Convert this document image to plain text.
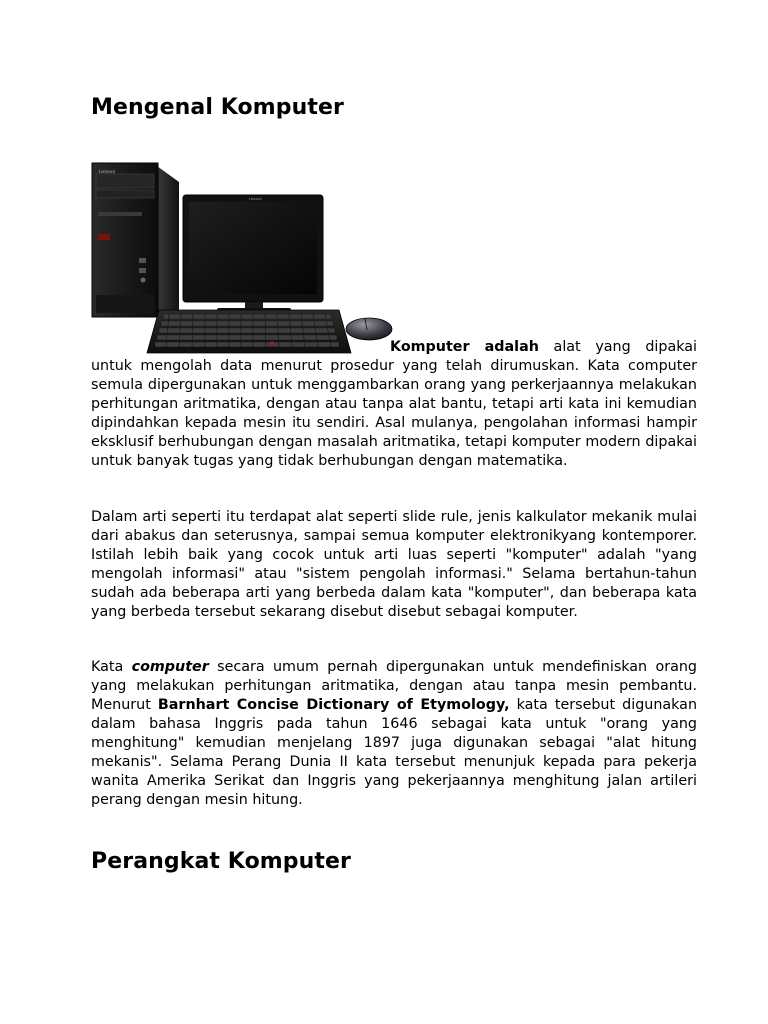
Mengenal Komputer
Lenovo
Lenovo

Komputer adalah alat yang dipakai untuk mengolah data menurut prosedur yang telah dirumuskan. Kata computer semula dipergunakan untuk menggambarkan orang yang perkerjaannya melakukan perhitungan aritmatika, dengan atau tanpa alat bantu, tetapi arti kata ini kemudian dipindahkan kepada mesin itu sendiri. Asal mulanya, pengolahan informasi hampir eksklusif berhubungan dengan masalah aritmatika, tetapi komputer modern dipakai untuk banyak tugas yang tidak berhubungan dengan matematika.

Dalam arti seperti itu terdapat alat seperti slide rule, jenis kalkulator mekanik mulai dari abakus dan seterusnya, sampai semua komputer elektronikyang kontemporer. Istilah lebih baik yang cocok untuk arti luas seperti "komputer" adalah "yang mengolah informasi" atau "sistem pengolah informasi." Selama bertahun-tahun sudah ada beberapa arti yang berbeda dalam kata "komputer", dan beberapa kata yang berbeda tersebut sekarang disebut disebut sebagai komputer.

Kata computer secara umum pernah dipergunakan untuk mendefiniskan orang yang melakukan perhitungan aritmatika, dengan atau tanpa mesin pembantu. Menurut Barnhart Concise Dictionary of Etymology, kata tersebut digunakan dalam bahasa Inggris pada tahun 1646 sebagai kata untuk "orang yang menghitung" kemudian menjelang 1897 juga digunakan sebagai "alat hitung mekanis". Selama Perang Dunia II kata tersebut menunjuk kepada para pekerja wanita Amerika Serikat dan Inggris yang pekerjaannya menghitung jalan artileri perang dengan mesin hitung.

Perangkat Komputer
